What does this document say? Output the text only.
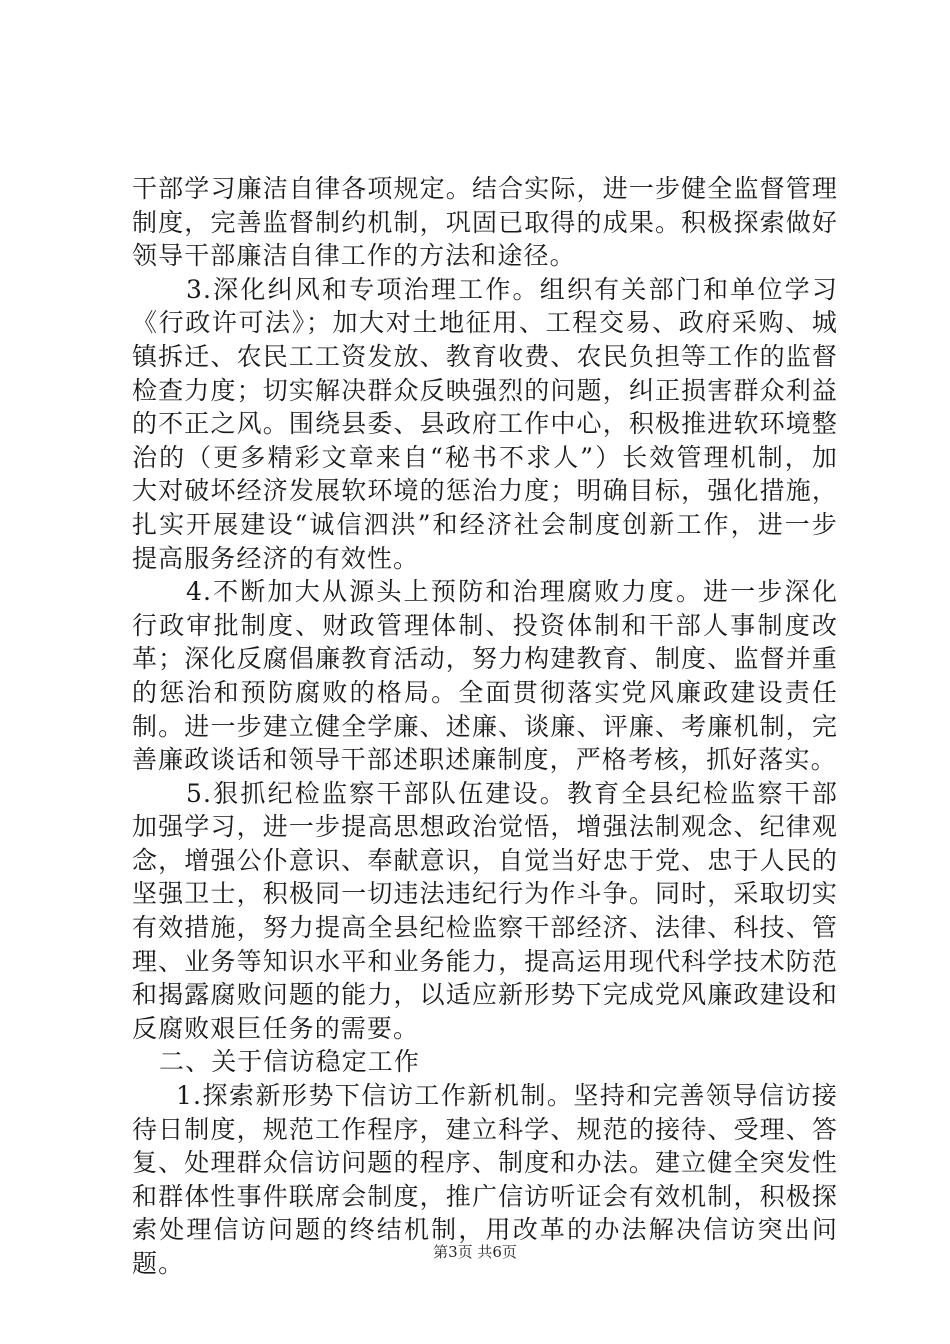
干部学习廉洁自律各项规定。结合实际，进一步健全监督管理制度，完善监督制约机制，巩固已取得的成果。积极探索做好领导干部廉洁自律工作的方法和途径。

3.深化纠风和专项治理工作。组织有关部门和单位学习《行政许可法》；加大对土地征用、工程交易、政府采购、城镇拆迁、农民工工资发放、教育收费、农民负担等工作的监督检查力度；切实解决群众反映强烈的问题，纠正损害群众利益的不正之风。围绕县委、县政府工作中心，积极推进软环境整治的（更多精彩文章来自“秘书不求人”）长效管理机制，加大对破坏经济发展软环境的惩治力度；明确目标，强化措施，扎实开展建设“诚信泗洪”和经济社会制度创新工作，进一步提高服务经济的有效性。

4.不断加大从源头上预防和治理腐败力度。进一步深化行政审批制度、财政管理体制、投资体制和干部人事制度改革；深化反腐倡廉教育活动，努力构建教育、制度、监督并重的惩治和预防腐败的格局。全面贯彻落实党风廉政建设责任制。进一步建立健全学廉、述廉、谈廉、评廉、考廉机制，完善廉政谈话和领导干部述职述廉制度，严格考核，抓好落实。

5.狠抓纪检监察干部队伍建设。教育全县纪检监察干部加强学习，进一步提高思想政治觉悟，增强法制观念、纪律观念，增强公仆意识、奉献意识，自觉当好忠于党、忠于人民的坚强卫士，积极同一切违法违纪行为作斗争。同时，采取切实有效措施，努力提高全县纪检监察干部经济、法律、科技、管理、业务等知识水平和业务能力，提高运用现代科学技术防范和揭露腐败问题的能力，以适应新形势下完成党风廉政建设和反腐败艰巨任务的需要。

二、关于信访稳定工作

1.探索新形势下信访工作新机制。坚持和完善领导信访接待日制度，规范工作程序，建立科学、规范的接待、受理、答复、处理群众信访问题的程序、制度和办法。建立健全突发性和群体性事件联席会制度，推广信访听证会有效机制，积极探索处理信访问题的终结机制，用改革的办法解决信访突出问题。	第3页 共6页
